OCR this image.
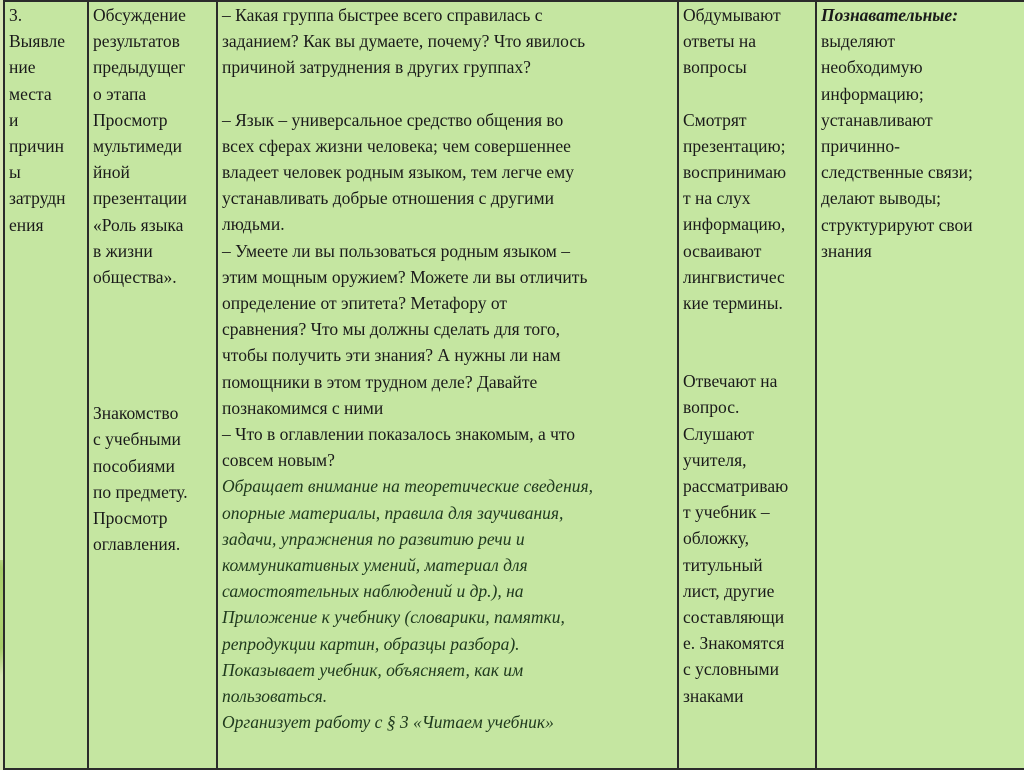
3.
Выявле
ние
места
и
причин
ы
затрудн
ения

Обсуждение
результатов
предыдущег
о этапа
Просмотр
мультимеди
йной
презентации
«Роль языка
в жизни
общества».
Знакомство
с учебными
пособиями
по предмету.
Просмотр
оглавления.

– Какая группа быстрее всего справилась с
заданием? Как вы думаете, почему? Что явилось
причиной затруднения в других группах?
– Язык – универсальное средство общения во
всех сферах жизни человека; чем совершеннее
владеет человек родным языком, тем легче ему
устанавливать добрые отношения с другими
людьми.
– Умеете ли вы пользоваться родным языком –
этим мощным оружием? Можете ли вы отличить
определение от эпитета? Метафору от
сравнения? Что мы должны сделать для того,
чтобы получить эти знания? А нужны ли нам
помощники в этом трудном деле? Давайте
познакомимся с ними
– Что в оглавлении показалось знакомым, а что
совсем новым?
Обращает внимание на теоретические сведения,
опорные материалы, правила для заучивания,
задачи, упражнения по развитию речи и
коммуникативных умений, материал для
самостоятельных наблюдений и др.), на
Приложение к учебнику (словарики, памятки,
репродукции картин, образцы разбора).
Показывает учебник, объясняет, как им
пользоваться.
Организует работу с § 3 «Читаем учебник»

Обдумывают
ответы на
вопросы
Смотрят
презентацию;
воспринимаю
т на слух
информацию,
осваивают
лингвистичес
кие термины.
Отвечают на
вопрос.
Слушают
учителя,
рассматриваю
т учебник –
обложку,
титульный
лист, другие
составляющи
е. Знакомятся
с условными
знаками

Познавательные:
выделяют
необходимую
информацию;
устанавливают
причинно-
следственные связи;
делают выводы;
структурируют свои
знания
